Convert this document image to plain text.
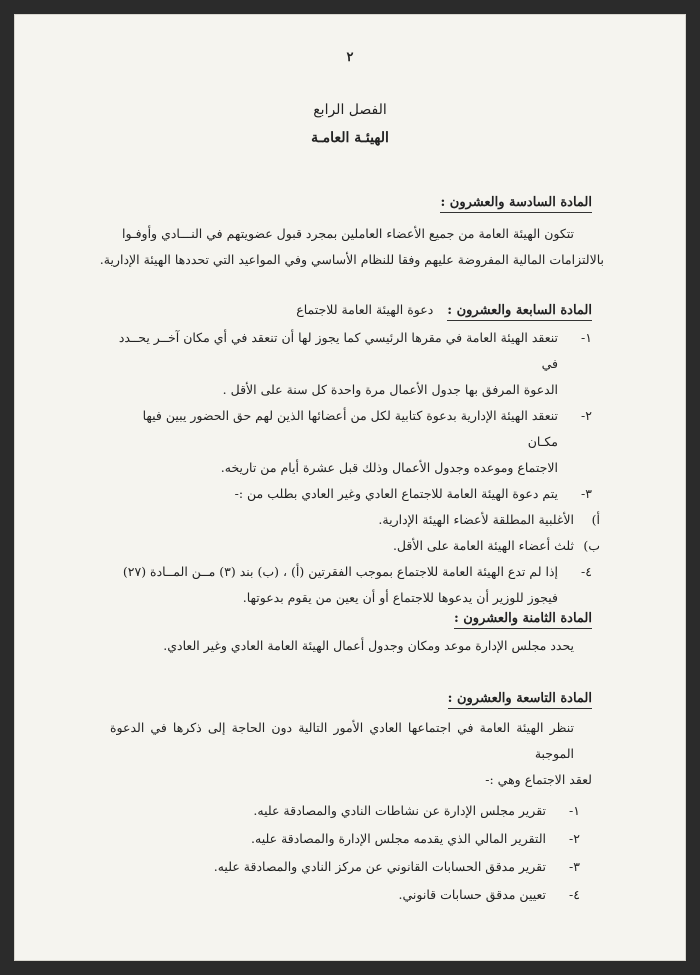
٢
الفصل الرابع
الهيئـة العامـة
المادة السادسة والعشرون :

تتكون الهيئة العامة من جميع الأعضاء العاملين بمجرد قبول عضويتهم في النـــادي وأوفـوا

بالالتزامات المالية المفروضة عليهم وفقا للنظام الأساسي وفي المواعيد التي تحددها الهيئة الإدارية.

المادة السابعة والعشرون : دعوة الهيئة العامة للاجتماع
١-
تنعقد الهيئة العامة في مقرها الرئيسي كما يجوز لها أن تنعقد في أي مكان آخــر يحــدد في
الدعوة المرفق بها جدول الأعمال مرة واحدة كل سنة على الأقل .
٢-
تنعقد الهيئة الإدارية بدعوة كتابية لكل من أعضائها الذين لهم حق الحضور يبين فيها مكـان
الاجتماع وموعده وجدول الأعمال وذلك قبل عشرة أيام من تاريخه.
٣-
يتم دعوة الهيئة العامة للاجتماع العادي وغير العادي بطلب من :-
أ)
الأغلبية المطلقة لأعضاء الهيئة الإدارية.
ب)
ثلث أعضاء الهيئة العامة على الأقل.
٤-
إذا لم تدع الهيئة العامة للاجتماع بموجب الفقرتين (أ) ، (ب) بند (٣) مــن المــادة (٢٧)
فيجوز للوزير أن يدعوها للاجتماع أو أن يعين من يقوم بدعوتها.
المادة الثامنة والعشرون :

يحدد مجلس الإدارة موعد ومكان وجدول أعمال الهيئة العامة العادي وغير العادي.

المادة التاسعة والعشرون :

تنظر الهيئة العامة في اجتماعها العادي الأمور التالية دون الحاجة إلى ذكرها في الدعوة الموجبة

لعقد الاجتماع وهي :-

١-
تقرير مجلس الإدارة عن نشاطات النادي والمصادقة عليه.
٢-
التقرير المالي الذي يقدمه مجلس الإدارة والمصادقة عليه.
٣-
تقرير مدقق الحسابات القانوني عن مركز النادي والمصادقة عليه.
٤-
تعيين مدقق حسابات قانوني.
